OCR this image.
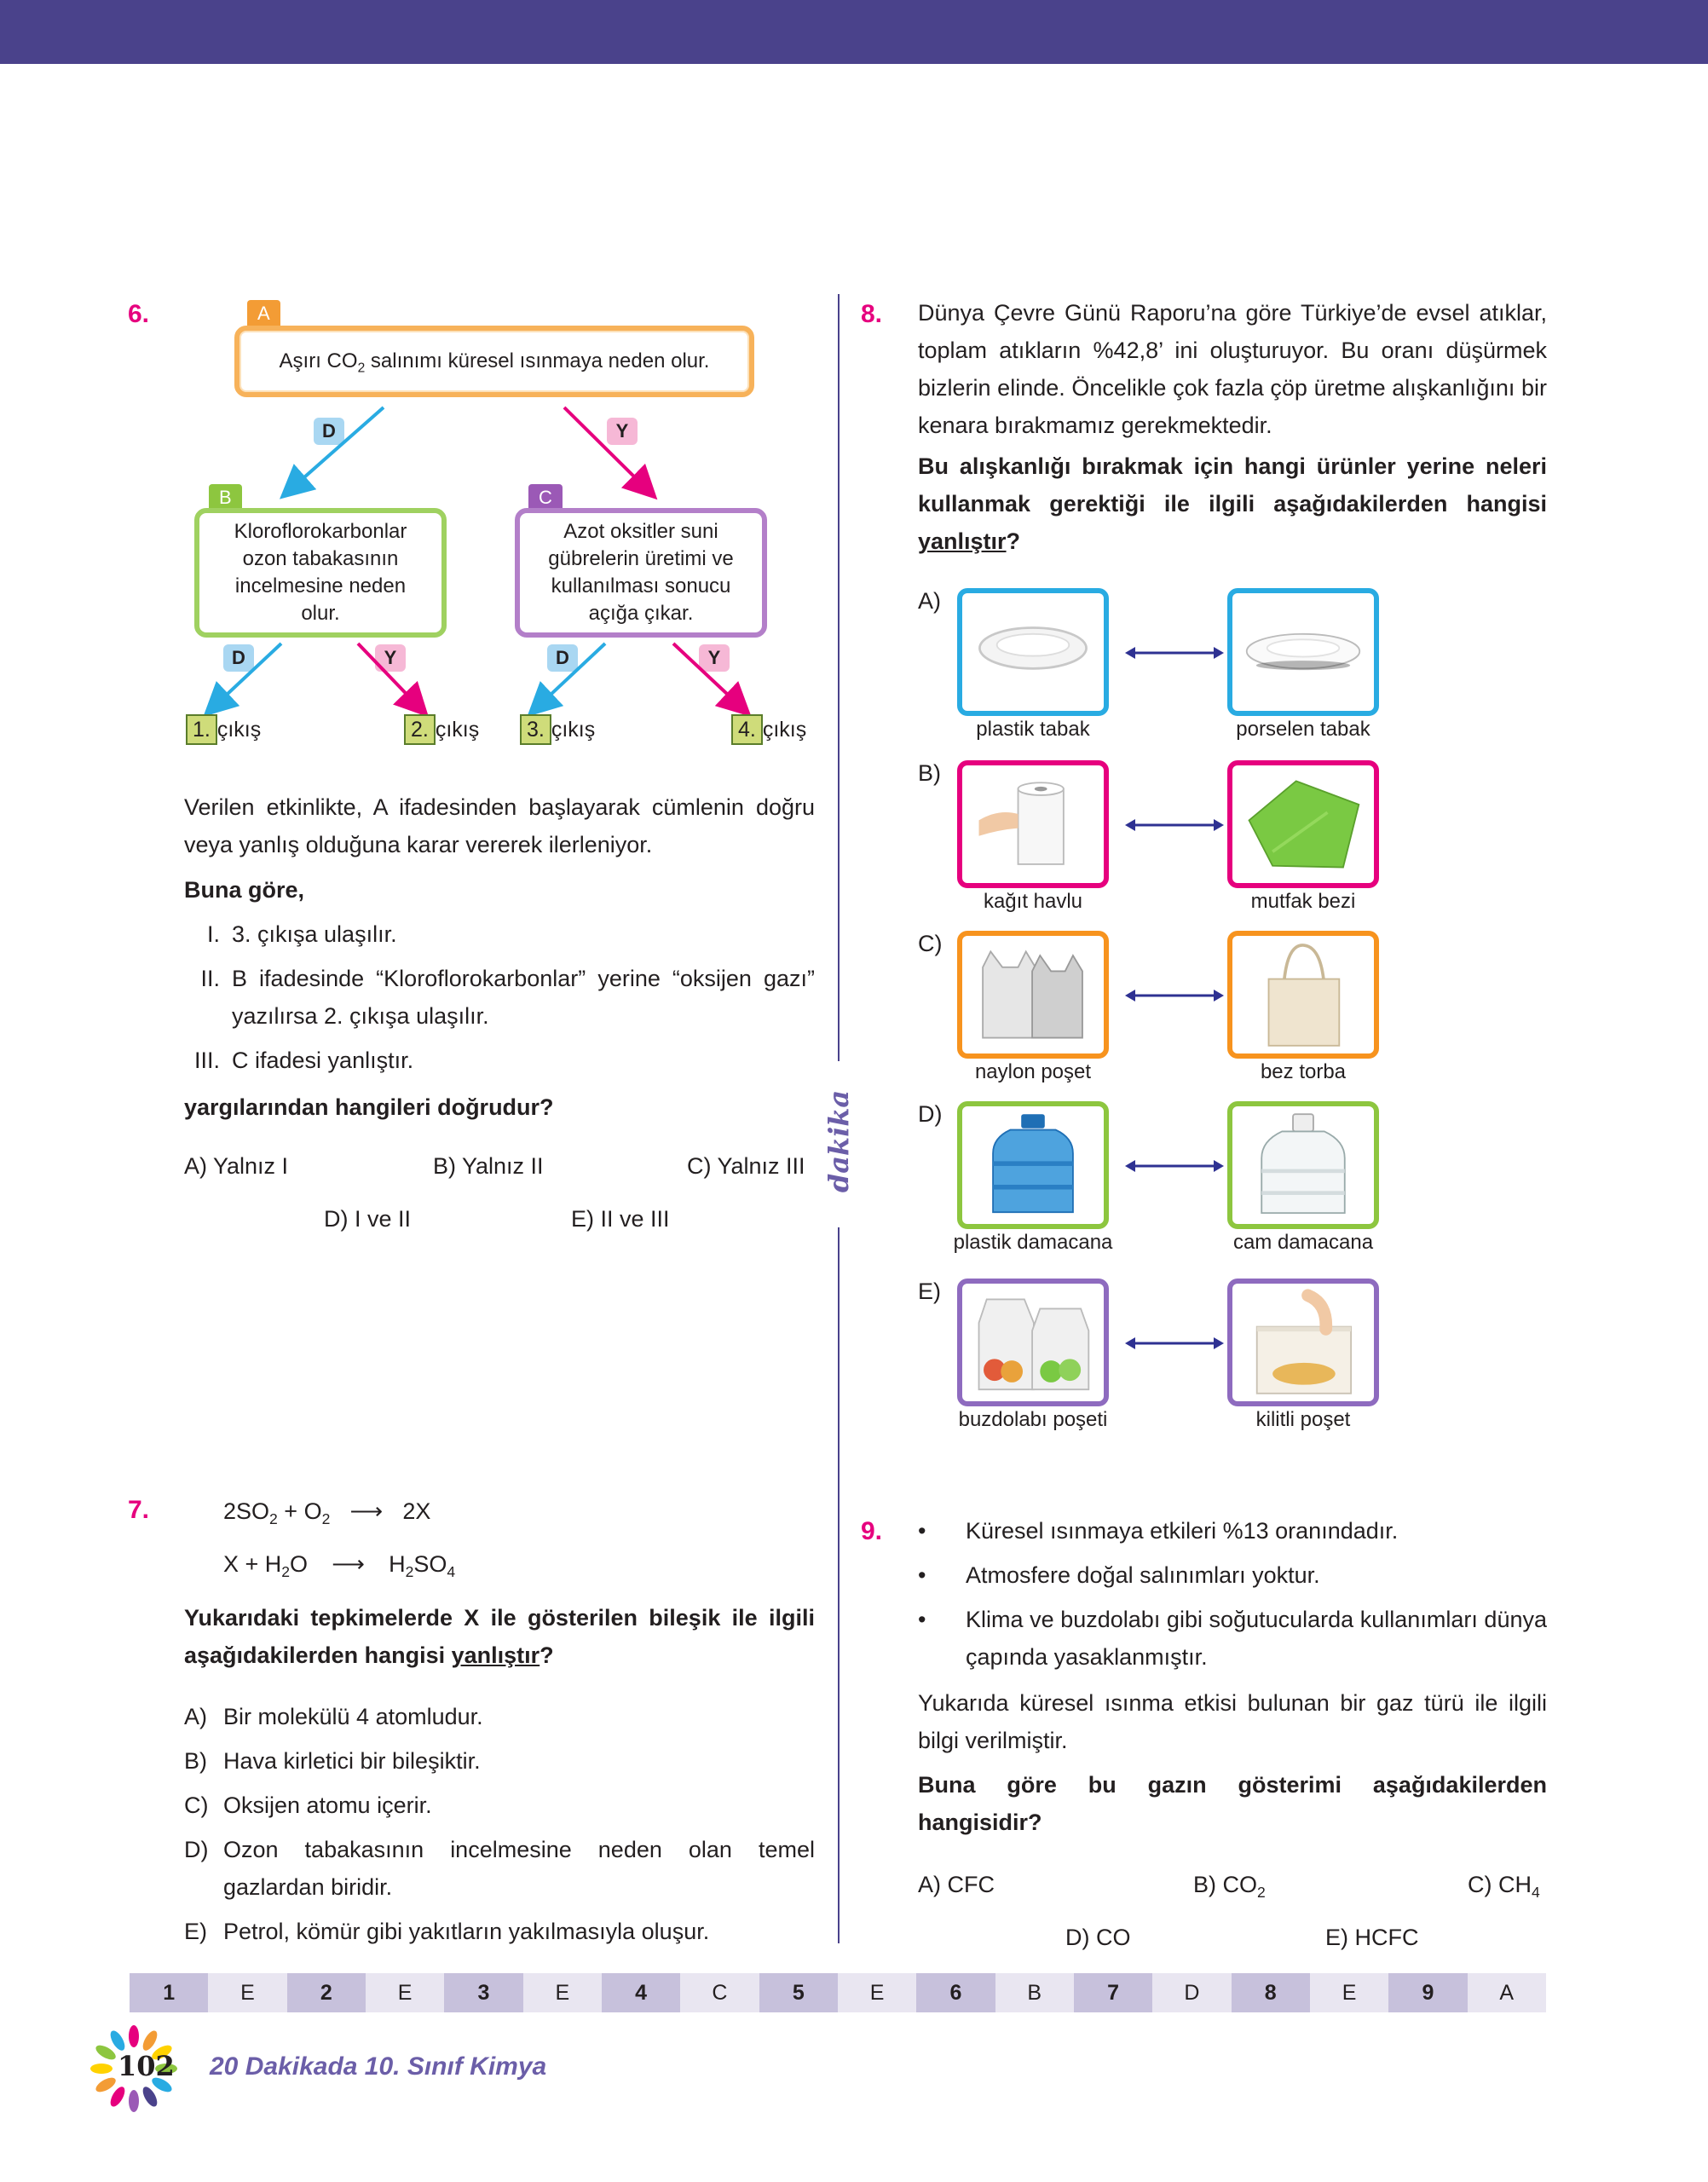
6.	A
Aşırı $CO_2$ salınımı küresel ısınmaya neden olur.
D	Y
B
Kloroflorokarbonlar ozon tabakasının incelmesine neden olur.
C
Azot oksitler suni gübrelerin üretimi ve kullanılması sonucu açığa çıkar.
D	Y	D	Y
1. çıkış	2. çıkış	3. çıkış	4. çıkış
Verilen etkinlikte, A ifadesinden başlayarak cümlenin doğru veya yanlış olduğuna karar vererek ilerleniyor.
Buna göre,
I. 3. çıkışa ulaşılır.
II. B ifadesinde “Kloroflorokarbonlar” yerine “oksijen gazı” yazılırsa 2. çıkışa ulaşılır.
III. C ifadesi yanlıştır.
yargılarından hangileri doğrudur?
A) Yalnız I	B) Yalnız II	C) Yalnız III
D) I ve II	E) II ve III
7.	$2SO_2 + O_2$ ⟶ 2X
$X + H_2O$ ⟶ $H_2SO_4$
Yukarıdaki tepkimelerde X ile gösterilen bileşik ile ilgili aşağıdakilerden hangisi yanlıştır?
A) Bir molekülü 4 atomludur.
B) Hava kirletici bir bileşiktir.
C) Oksijen atomu içerir.
D) Ozon tabakasının incelmesine neden olan temel gazlardan biridir.
E) Petrol, kömür gibi yakıtların yakılmasıyla oluşur.
dakika
8. Dünya Çevre Günü Raporu’na göre Türkiye’de evsel atıklar, toplam atıkların %42,8’ ini oluşturuyor. Bu oranı düşürmek bizlerin elinde. Öncelikle çok fazla çöp üretme alışkanlığını bir kenara bırakmamız gerekmektedir.
Bu alışkanlığı bırakmak için hangi ürünler yerine neleri kullanmak gerektiği ile ilgili aşağıdakilerden hangisi yanlıştır?
A)
plastik tabak	porselen tabak
B)
kağıt havlu	mutfak bezi
C)
naylon poşet	bez torba
D)
plastik damacana	cam damacana
E)
buzdolabı poşeti	kilitli poşet
9. •	Küresel ısınmaya etkileri %13 oranındadır.
•	Atmosfere doğal salınımları yoktur.
•	Klima ve buzdolabı gibi soğutucularda kullanımları dünya çapında yasaklanmıştır.
Yukarıda küresel ısınma etkisi bulunan bir gaz türü ile ilgili bilgi verilmiştir.
Buna göre bu gazın gösterimi aşağıdakilerden hangisidir?
A) CFC	B) $CO_2$	C) $CH_4$
D) CO	E) HCFC
1	E	2	E	3	E	4	C	5	E	6	B	7	D	8	E	9	A
102 20 Dakikada 10. Sınıf Kimya
